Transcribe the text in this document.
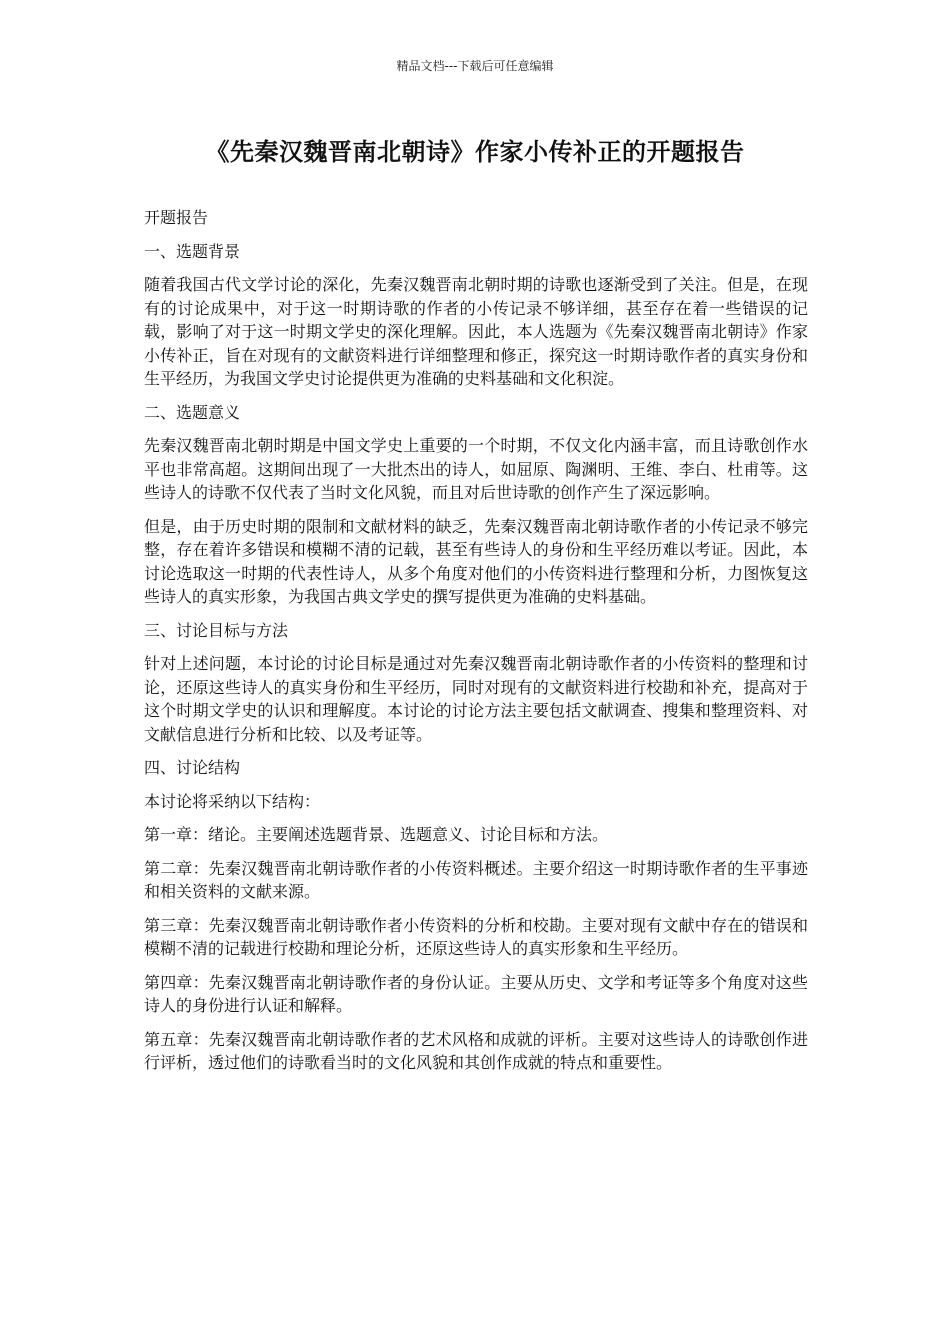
精品文档---下载后可任意编辑
《先秦汉魏晋南北朝诗》作家小传补正的开题报告

开题报告

一、选题背景

随着我国古代文学讨论的深化，先秦汉魏晋南北朝时期的诗歌也逐渐受到了关注。但是，在现有的讨论成果中，对于这一时期诗歌的作者的小传记录不够详细，甚至存在着一些错误的记载，影响了对于这一时期文学史的深化理解。因此，本人选题为《先秦汉魏晋南北朝诗》作家小传补正，旨在对现有的文献资料进行详细整理和修正，探究这一时期诗歌作者的真实身份和生平经历，为我国文学史讨论提供更为准确的史料基础和文化积淀。

二、选题意义

先秦汉魏晋南北朝时期是中国文学史上重要的一个时期，不仅文化内涵丰富，而且诗歌创作水平也非常高超。这期间出现了一大批杰出的诗人，如屈原、陶渊明、王维、李白、杜甫等。这些诗人的诗歌不仅代表了当时文化风貌，而且对后世诗歌的创作产生了深远影响。

但是，由于历史时期的限制和文献材料的缺乏，先秦汉魏晋南北朝诗歌作者的小传记录不够完整，存在着许多错误和模糊不清的记载，甚至有些诗人的身份和生平经历难以考证。因此，本讨论选取这一时期的代表性诗人，从多个角度对他们的小传资料进行整理和分析，力图恢复这些诗人的真实形象，为我国古典文学史的撰写提供更为准确的史料基础。

三、讨论目标与方法

针对上述问题，本讨论的讨论目标是通过对先秦汉魏晋南北朝诗歌作者的小传资料的整理和讨论，还原这些诗人的真实身份和生平经历，同时对现有的文献资料进行校勘和补充，提高对于这个时期文学史的认识和理解度。本讨论的讨论方法主要包括文献调查、搜集和整理资料、对文献信息进行分析和比较、以及考证等。

四、讨论结构

本讨论将采纳以下结构：

第一章：绪论。主要阐述选题背景、选题意义、讨论目标和方法。

第二章：先秦汉魏晋南北朝诗歌作者的小传资料概述。主要介绍这一时期诗歌作者的生平事迹和相关资料的文献来源。

第三章：先秦汉魏晋南北朝诗歌作者小传资料的分析和校勘。主要对现有文献中存在的错误和模糊不清的记载进行校勘和理论分析，还原这些诗人的真实形象和生平经历。

第四章：先秦汉魏晋南北朝诗歌作者的身份认证。主要从历史、文学和考证等多个角度对这些诗人的身份进行认证和解释。

第五章：先秦汉魏晋南北朝诗歌作者的艺术风格和成就的评析。主要对这些诗人的诗歌创作进行评析，透过他们的诗歌看当时的文化风貌和其创作成就的特点和重要性。
